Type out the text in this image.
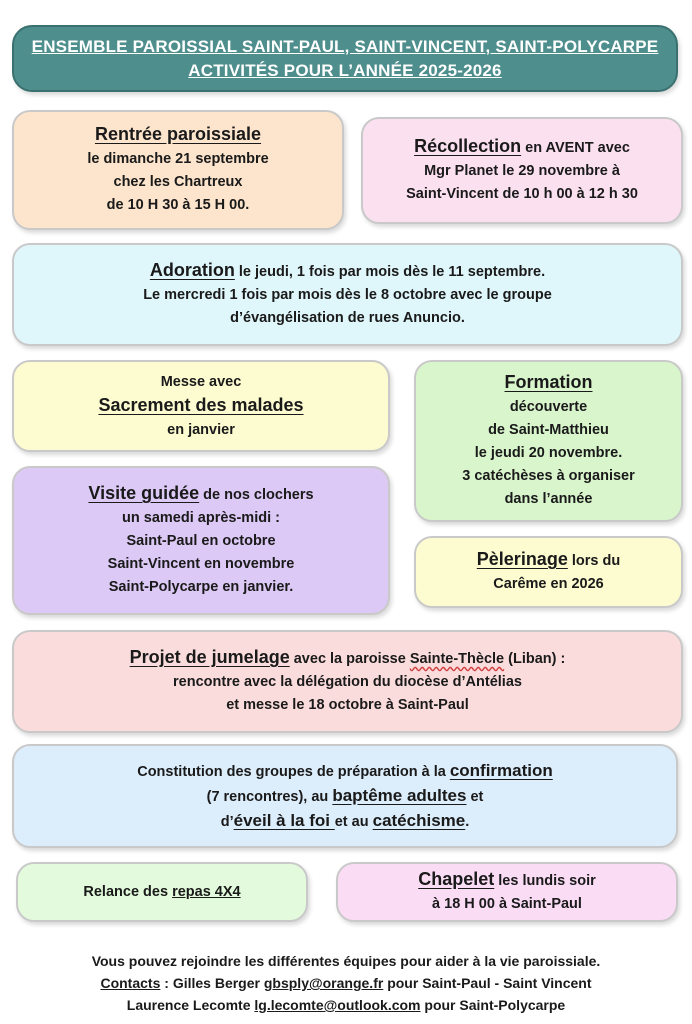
ENSEMBLE PAROISSIAL SAINT-PAUL, SAINT-VINCENT, SAINT-POLYCARPE

ACTIVITÉS POUR L’ANNÉE 2025-2026

Rentrée paroissiale

le dimanche 21 septembre

chez les Chartreux

de 10 H 30 à 15 H 00.

Récollection en AVENT avec

Mgr Planet le 29 novembre à

Saint-Vincent de 10 h 00 à 12 h 30

Adoration le jeudi, 1 fois par mois dès le 11 septembre.

Le mercredi 1 fois par mois dès le 8 octobre avec le groupe

d’évangélisation de rues Anuncio.

Messe avec

Sacrement des malades

en janvier

Formation

découverte

de Saint-Matthieu

le jeudi 20 novembre.

3 catéchèses à organiser

dans l’année

Visite guidée de nos clochers

un samedi après-midi :

Saint-Paul en octobre

Saint-Vincent en novembre

Saint-Polycarpe en janvier.

Pèlerinage lors du

Carême en 2026

Projet de jumelage avec la paroisse Sainte-Thècle (Liban) :

rencontre avec la délégation du diocèse d’Antélias

et messe le 18 octobre à Saint-Paul

Constitution des groupes de préparation à la confirmation

(7 rencontres), au baptême adultes et

d’éveil à la foi et au catéchisme.

Relance des repas 4X4

Chapelet les lundis soir

à 18 H 00 à Saint-Paul

Vous pouvez rejoindre les différentes équipes pour aider à la vie paroissiale.

Contacts : Gilles Berger gbsply@orange.fr pour Saint-Paul - Saint Vincent

Laurence Lecomte lg.lecomte@outlook.com pour Saint-Polycarpe
